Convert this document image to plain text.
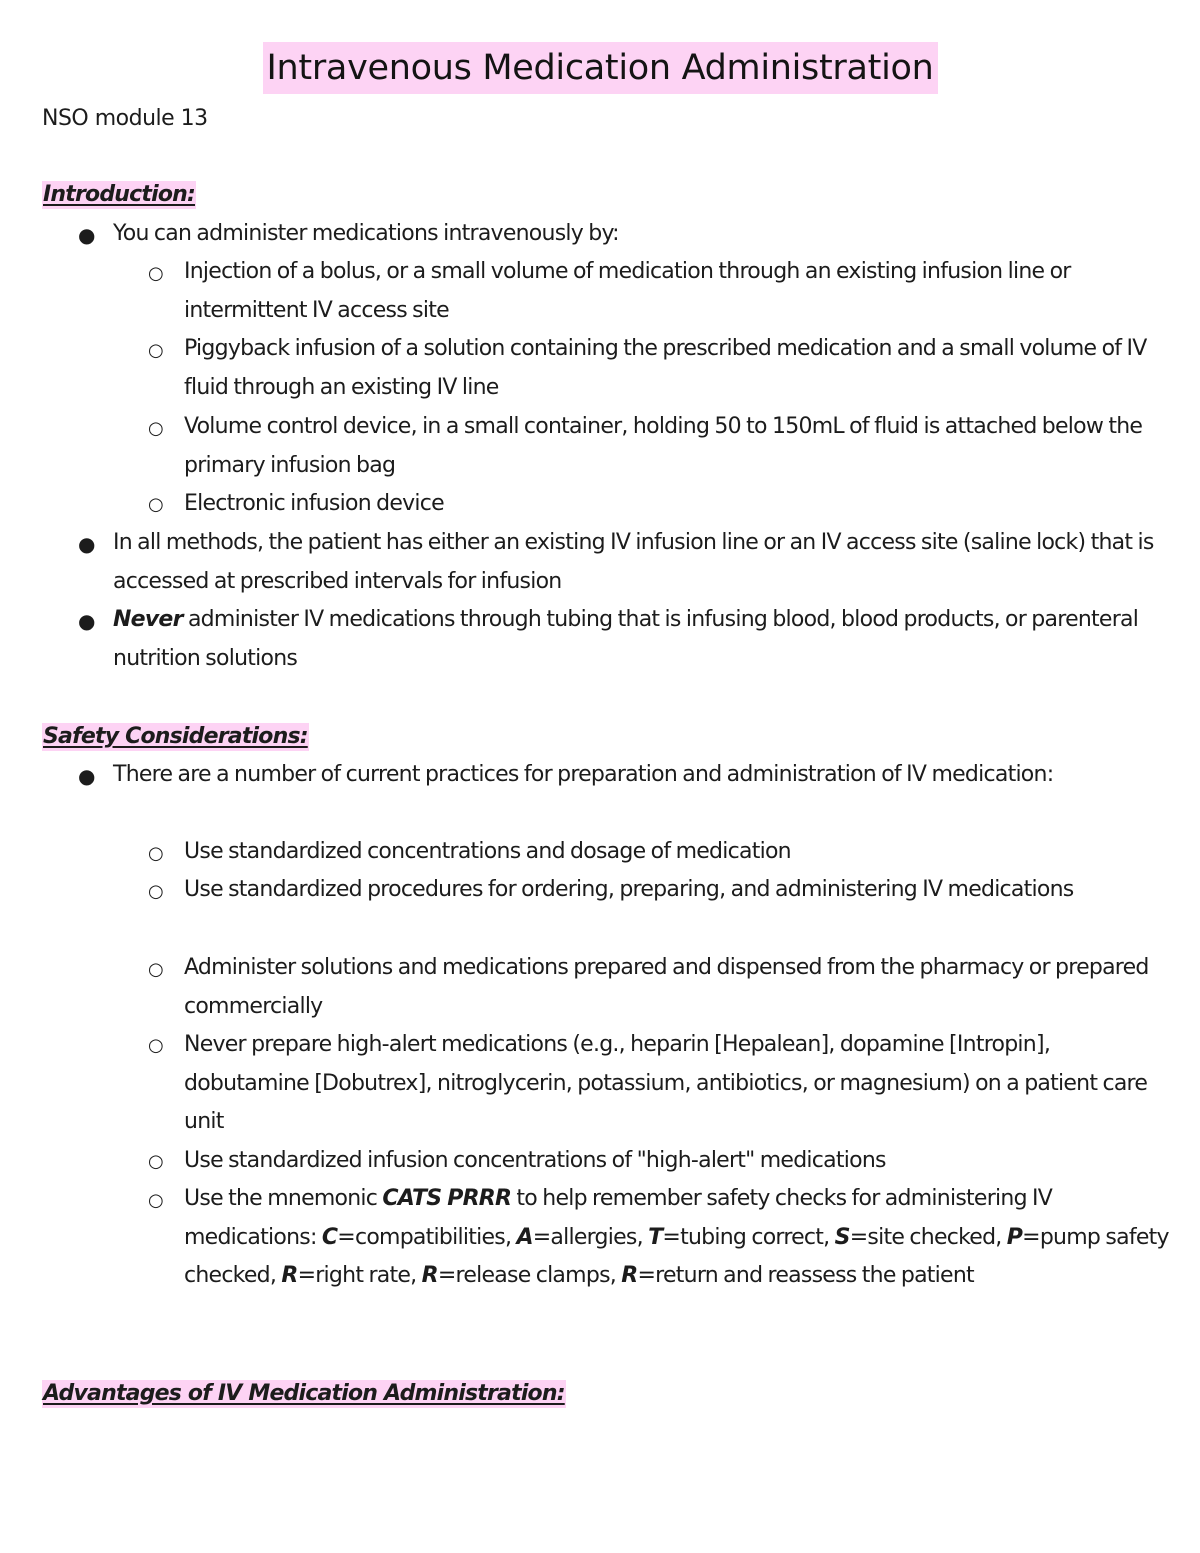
Intravenous Medication Administration
NSO module 13
Introduction:
● You can administer medications intravenously by:
○ Injection of a bolus, or a small volume of medication through an existing infusion line or intermittent IV access site
○ Piggyback infusion of a solution containing the prescribed medication and a small volume of IV fluid through an existing IV line
○ Volume control device, in a small container, holding 50 to 150mL of fluid is attached below the primary infusion bag
○ Electronic infusion device
● In all methods, the patient has either an existing IV infusion line or an IV access site (saline lock) that is accessed at prescribed intervals for infusion
● Never administer IV medications through tubing that is infusing blood, blood products, or parenteral nutrition solutions
Safety Considerations:
● There are a number of current practices for preparation and administration of IV medication:
○ Use standardized concentrations and dosage of medication
○ Use standardized procedures for ordering, preparing, and administering IV medications
○ Administer solutions and medications prepared and dispensed from the pharmacy or prepared commercially
○ Never prepare high-alert medications (e.g., heparin [Hepalean], dopamine [Intropin], dobutamine [Dobutrex], nitroglycerin, potassium, antibiotics, or magnesium) on a patient care unit
○ Use standardized infusion concentrations of "high-alert" medications
○ Use the mnemonic CATS PRRR to help remember safety checks for administering IV medications: C=compatibilities, A=allergies, T=tubing correct, S=site checked, P=pump safety checked, R=right rate, R=release clamps, R=return and reassess the patient
Advantages of IV Medication Administration:
